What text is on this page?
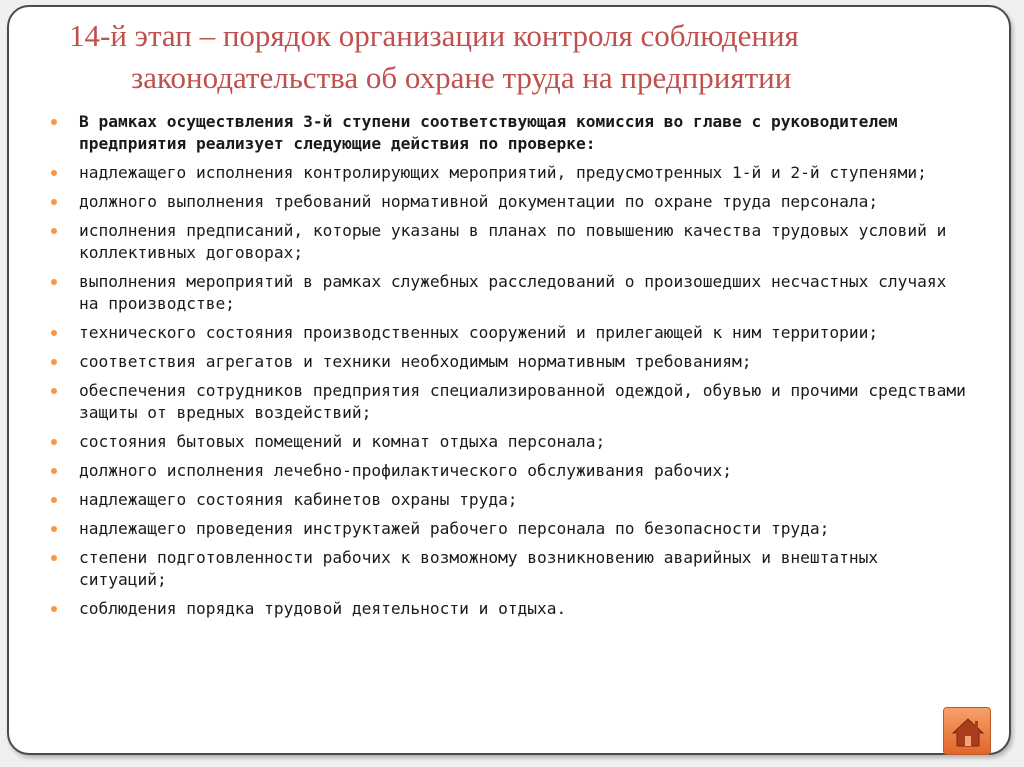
14-й этап – порядок организации контроля соблюдения
законодательства об охране труда на предприятии
В рамках осуществления 3-й ступени соответствующая комиссия во главе с руководителем предприятия реализует следующие действия по проверке:
надлежащего исполнения контролирующих мероприятий, предусмотренных 1-й и 2-й ступенями;
должного выполнения требований нормативной документации по охране труда персонала;
исполнения предписаний, которые указаны в планах по повышению качества трудовых условий и коллективных договорах;
выполнения мероприятий в рамках служебных расследований о произошедших несчастных случаях на производстве;
технического состояния производственных сооружений и прилегающей к ним территории;
соответствия агрегатов и техники необходимым нормативным требованиям;
обеспечения сотрудников предприятия специализированной одеждой, обувью и прочими средствами защиты от вредных воздействий;
состояния бытовых помещений и комнат отдыха персонала;
должного исполнения лечебно-профилактического обслуживания рабочих;
надлежащего состояния кабинетов охраны труда;
надлежащего проведения инструктажей рабочего персонала по безопасности труда;
степени подготовленности рабочих к возможному возникновению аварийных и внештатных ситуаций;
соблюдения порядка трудовой деятельности и отдыха.
